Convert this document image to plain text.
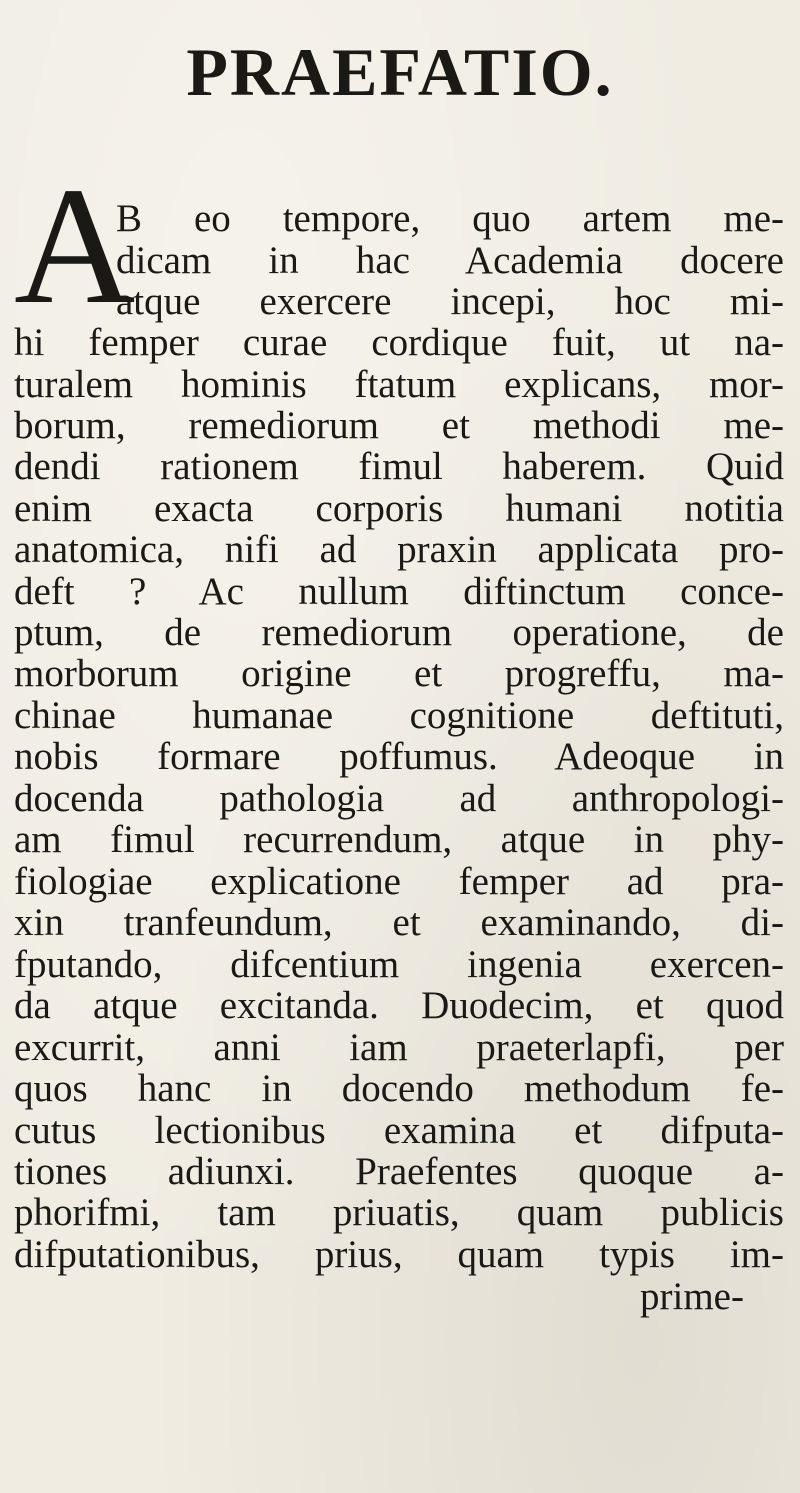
PRAEFATIO.
A
B eo tempore, quo artem me-
dicam in hac Academia docere
atque exercere incepi, hoc mi-
hi femper curae cordique fuit, ut na-
turalem hominis ftatum explicans, mor-
borum, remediorum et methodi me-
dendi rationem fimul haberem. Quid
enim exacta corporis humani notitia
anatomica, nifi ad praxin applicata pro-
deft ? Ac nullum diftinctum conce-
ptum, de remediorum operatione, de
morborum origine et progreffu, ma-
chinae humanae cognitione deftituti,
nobis formare poffumus. Adeoque in
docenda pathologia ad anthropologi-
am fimul recurrendum, atque in phy-
fiologiae explicatione femper ad pra-
xin tranfeundum, et examinando, di-
fputando, difcentium ingenia exercen-
da atque excitanda. Duodecim, et quod
excurrit, anni iam praeterlapfi, per
quos hanc in docendo methodum fe-
cutus lectionibus examina et difputa-
tiones adiunxi. Praefentes quoque a-
phorifmi, tam priuatis, quam publicis
difputationibus, prius, quam typis im-
prime-
